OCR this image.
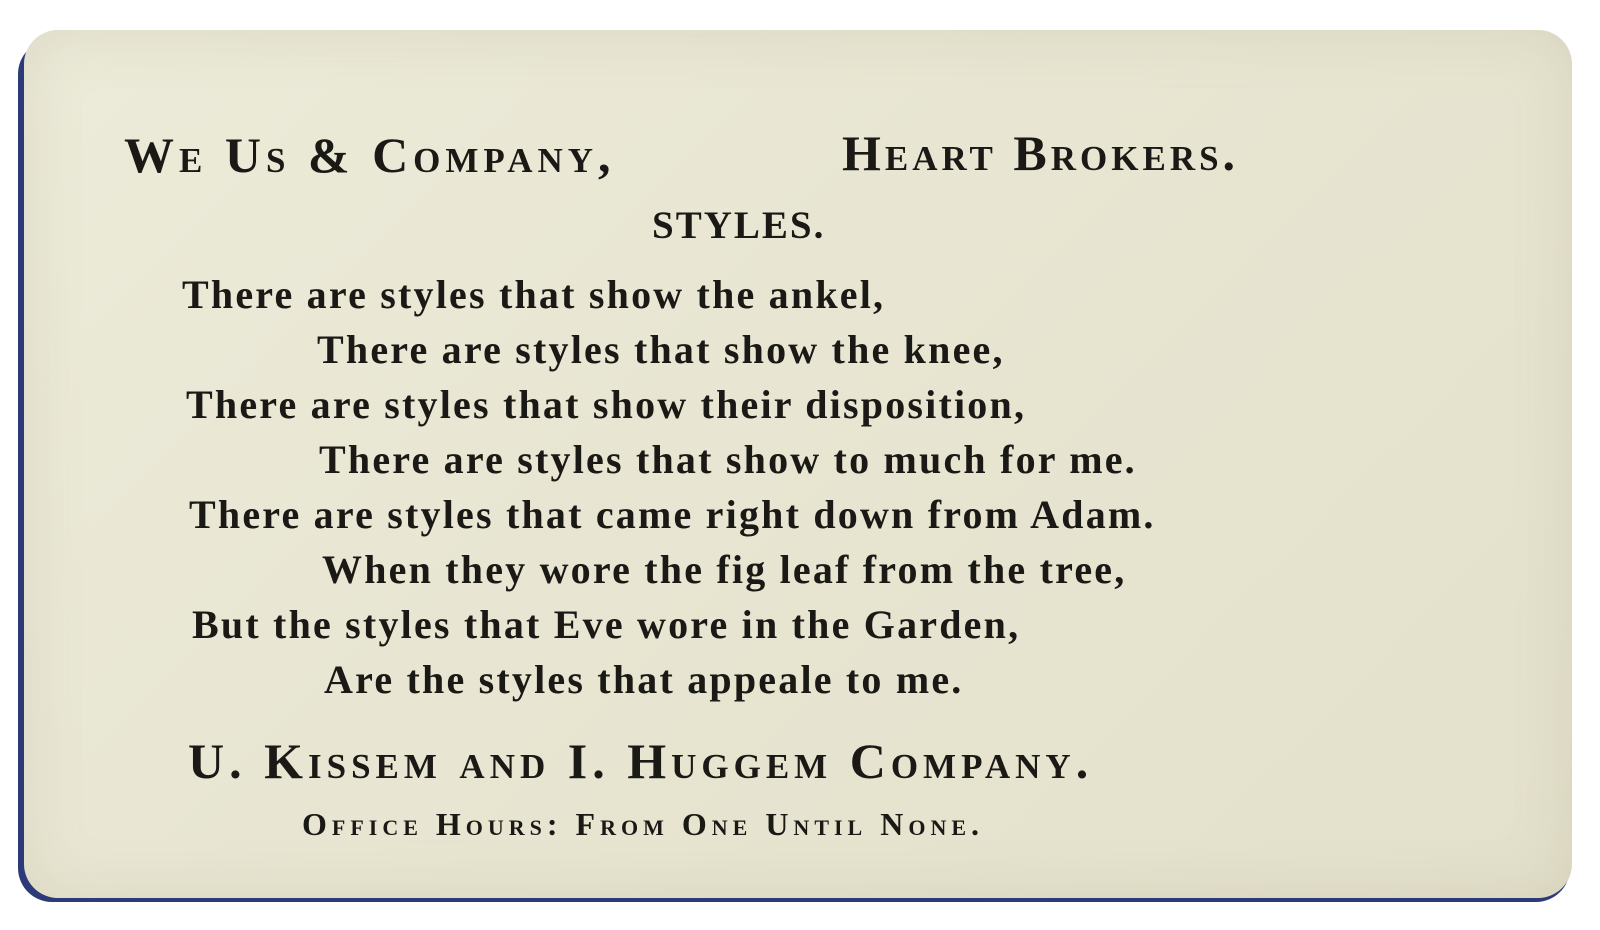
We Us & Company,	Heart Brokers.
STYLES.
There are styles that show the ankel,
There are styles that show the knee,
There are styles that show their disposition,
There are styles that show to much for me.
There are styles that came right down from Adam.
When they wore the fig leaf from the tree,
But the styles that Eve wore in the Garden,
Are the styles that appeale to me.
U. Kissem and I. Huggem Company.
Office Hours: From One Until None.
